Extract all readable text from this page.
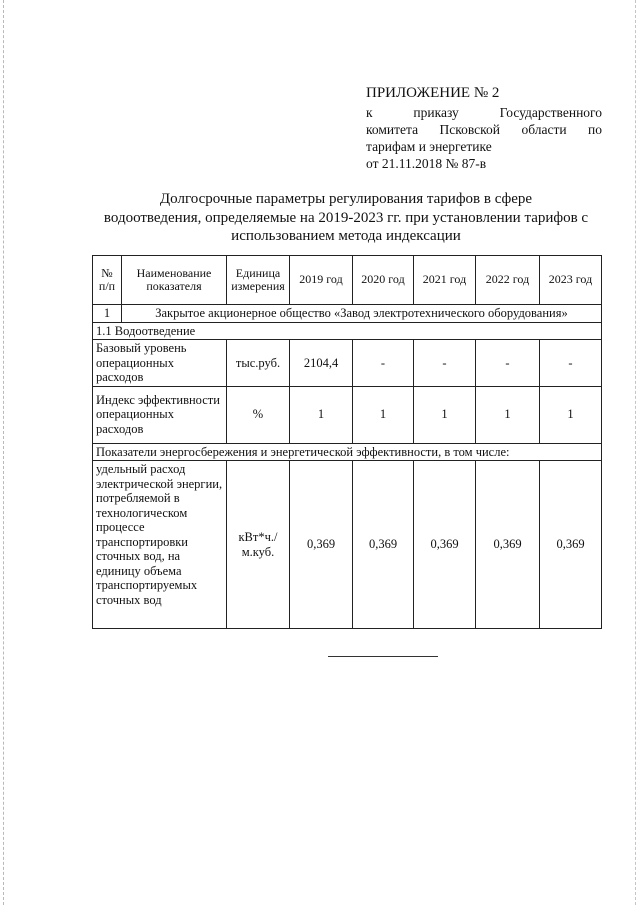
ПРИЛОЖЕНИЕ № 2
к приказу Государственного
комитета Псковской области по
тарифам и энергетике
от 21.11.2018 № 87-в
Долгосрочные параметры регулирования тарифов в сфере
водоотведения, определяемые на 2019-2023 гг. при установлении тарифов с
использованием метода индексации
№ п/п	Наименование показателя	Единица измерения	2019 год	2020 год	2021 год	2022 год	2023 год
1	Закрытое акционерное общество «Завод электротехнического оборудования»						
1.1 Водоотведение							
Базовый уровень операционных расходов		тыс.руб.	2104,4	-	-	-	-
Индекс эффективности операционных расходов		%	1	1	1	1	1
Показатели энергосбережения и энергетической эффективности, в том числе:							
удельный расход электрической энергии, потребляемой в технологическом процессе транспортировки сточных вод, на единицу объема транспортируемых сточных вод		кВт*ч./м.куб.	0,369	0,369	0,369	0,369	0,369
